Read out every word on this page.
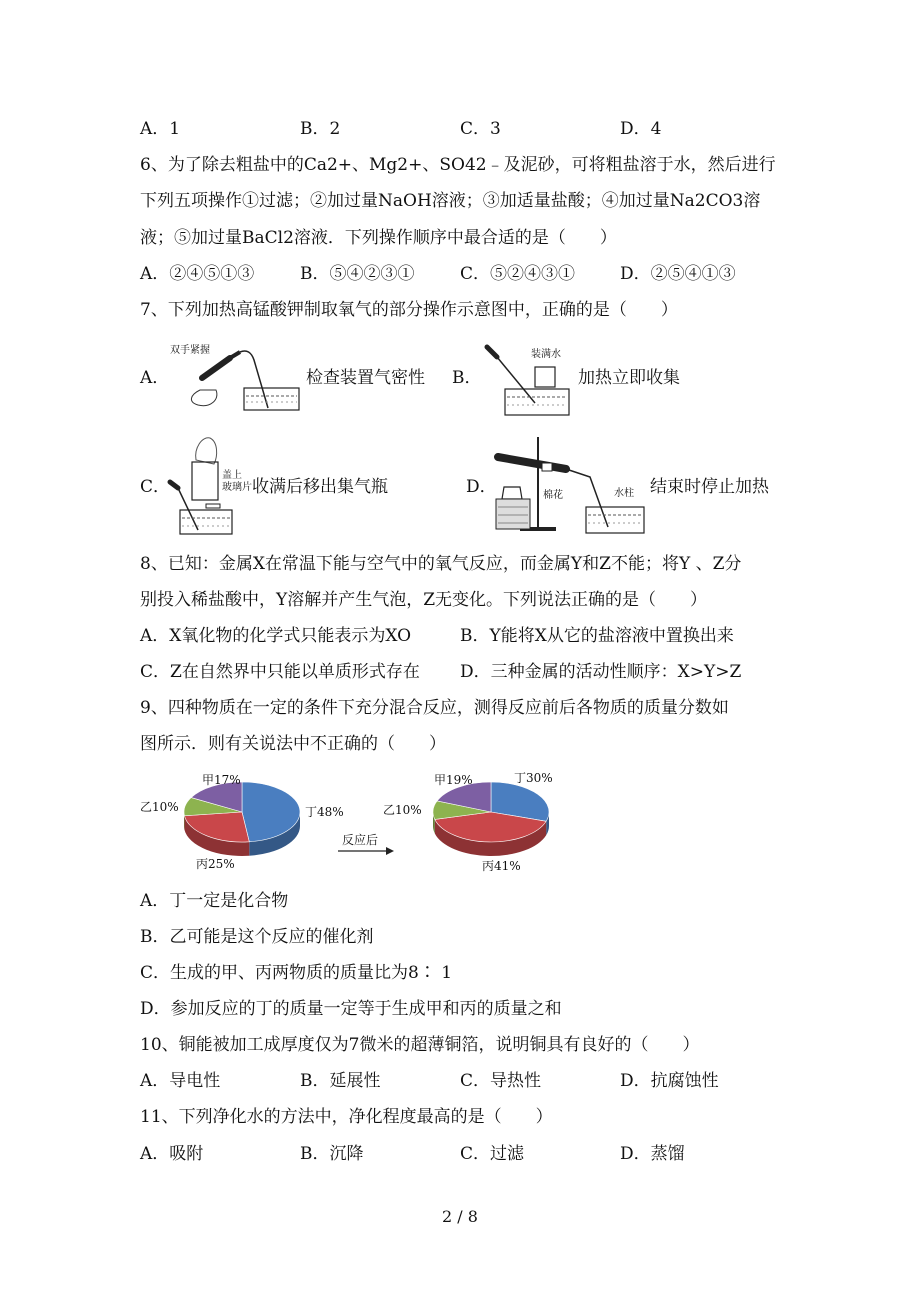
A．1	B．2	C．3	D．4
6、为了除去粗盐中的Ca2+、Mg2+、SO42﹣及泥砂，可将粗盐溶于水，然后进行
下列五项操作①过滤；②加过量NaOH溶液；③加适量盐酸；④加过量Na2CO3溶
液；⑤加过量BaCl2溶液．下列操作顺序中最合适的是（　　）
A．②④⑤①③	B．⑤④②③①	C．⑤②④③①	D．②⑤④①③
7、下列加热高锰酸钾制取氧气的部分操作示意图中，正确的是（　　）
A．
双手紧握
检查装置气密性 B．
装满水
加热立即收集
C．
盖上
玻璃片 收满后移出集气瓶	D．	棉花	水柱 结束时停止加热
8、已知：金属X在常温下能与空气中的氧气反应，而金属Y和Z不能；将Y 、Z分
别投入稀盐酸中，Y溶解并产生气泡，Z无变化。下列说法正确的是（　　）
A．X氧化物的化学式只能表示为XO	B．Y能将X从它的盐溶液中置换出来
C．Z在自然界中只能以单质形式存在 D．三种金属的活动性顺序：X>Y>Z
9、四种物质在一定的条件下充分混合反应，测得反应前后各物质的质量分数如
图所示．则有关说法中不正确的（　　）
甲17%
乙10%
丙25%
丁48%
甲19%
乙10%
丙41%
丁30%
反应后
A．丁一定是化合物
B．乙可能是这个反应的催化剂
C．生成的甲、丙两物质的质量比为8∶ 1
D．参加反应的丁的质量一定等于生成甲和丙的质量之和
10、铜能被加工成厚度仅为7微米的超薄铜箔，说明铜具有良好的（　　）
A．导电性	B．延展性	C．导热性	D．抗腐蚀性
11、下列净化水的方法中，净化程度最高的是（　　）
A．吸附	B．沉降	C．过滤	D．蒸馏
2 / 8
